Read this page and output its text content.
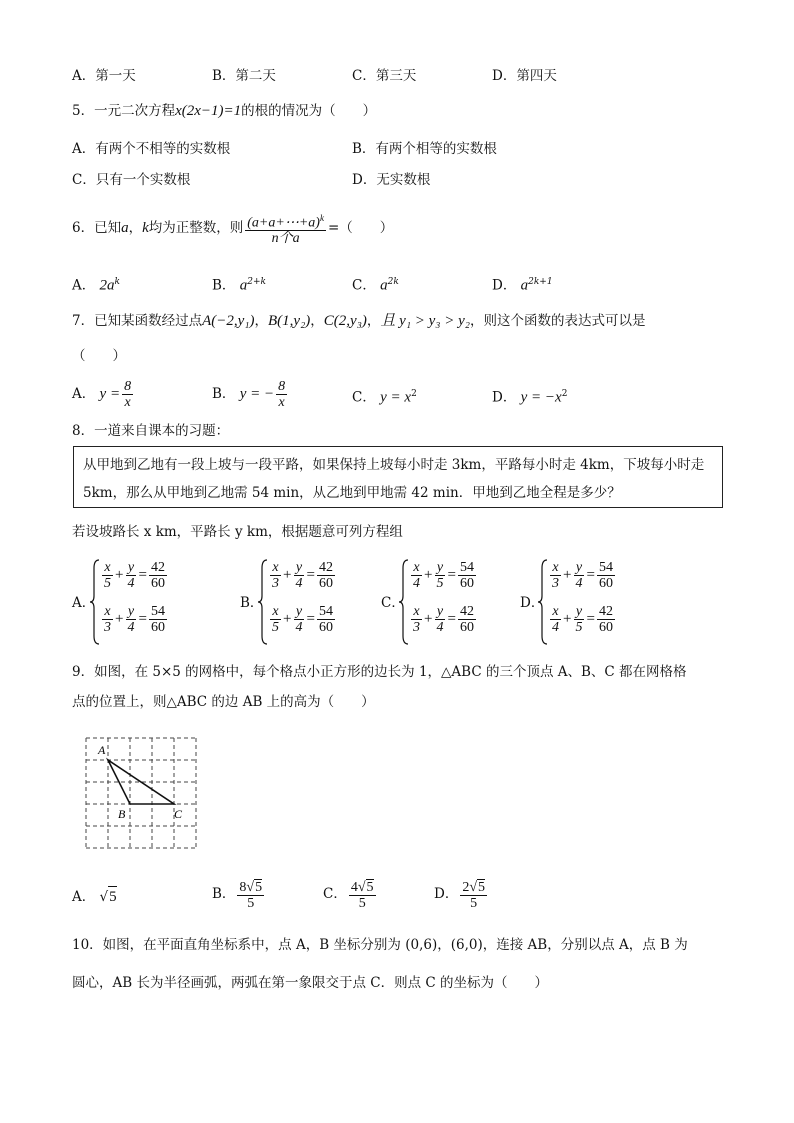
A．第一天	B．第二天	C．第三天	D．第四天
5．一元二次方程x(2x−1)=1的根的情况为（　　）
A．有两个不相等的实数根	B．有两个相等的实数根
C．只有一个实数根	D．无实数根
6．已知a，k均为正整数，则 $\frac{(a+a+\cdots+a)^k}{\text{n个a}}$ =（　　）
A． $2a^k$	B． $a^{2+k}$	C． $a^{2k}$	D． $a^{2k+1}$
7．已知某函数经过点A(−2,y₁)，B(1,y₂)，C(2,y₃)，且 y₁ > y₃ > y₂，则这个函数的表达式可以是
（　　）
A． $y = \frac{8}{x}$	B． y = − $\frac{8}{x}$	C． $y = x^2$	D． $y = -x^2$
8．一道来自课本的习题：
从甲地到乙地有一段上坡与一段平路，如果保持上坡每小时走 3km，平路每小时走 4km，下坡每小时走
5km，那么从甲地到乙地需 54 min，从乙地到甲地需 42 min．甲地到乙地全程是多少？
若设坡路长 x km，平路长 y km，根据题意可列方程组
A．
$\frac{x}{5} + \frac{y}{4} = \frac{42}{60}$
$\frac{x}{3} + \frac{y}{4} = \frac{54}{60}$
B．
$\frac{x}{3} + \frac{y}{4} = \frac{42}{60}$
$\frac{x}{5} + \frac{y}{4} = \frac{54}{60}$
C．
$\frac{x}{4} + \frac{y}{5} = \frac{54}{60}$
$\frac{x}{3} + \frac{y}{4} = \frac{42}{60}$
D．
$\frac{x}{3} + \frac{y}{4} = \frac{54}{60}$
$\frac{x}{4} + \frac{y}{5} = \frac{42}{60}$
9．如图，在 5×5 的网格中，每个格点小正方形的边长为 1，△ABC 的三个顶点 A、B、C 都在网格格
点的位置上，则△ABC 的边 AB 上的高为（　　）
A
B	C
A． √5	B． $\frac{8√5}{5}$	C． $\frac{4√5}{5}$	D． $\frac{2√5}{5}$
10．如图，在平面直角坐标系中，点 A，B 坐标分别为 (0,6)，(6,0)，连接 AB，分别以点 A，点 B 为
圆心，AB 长为半径画弧，两弧在第一象限交于点 C．则点 C 的坐标为（　　）
